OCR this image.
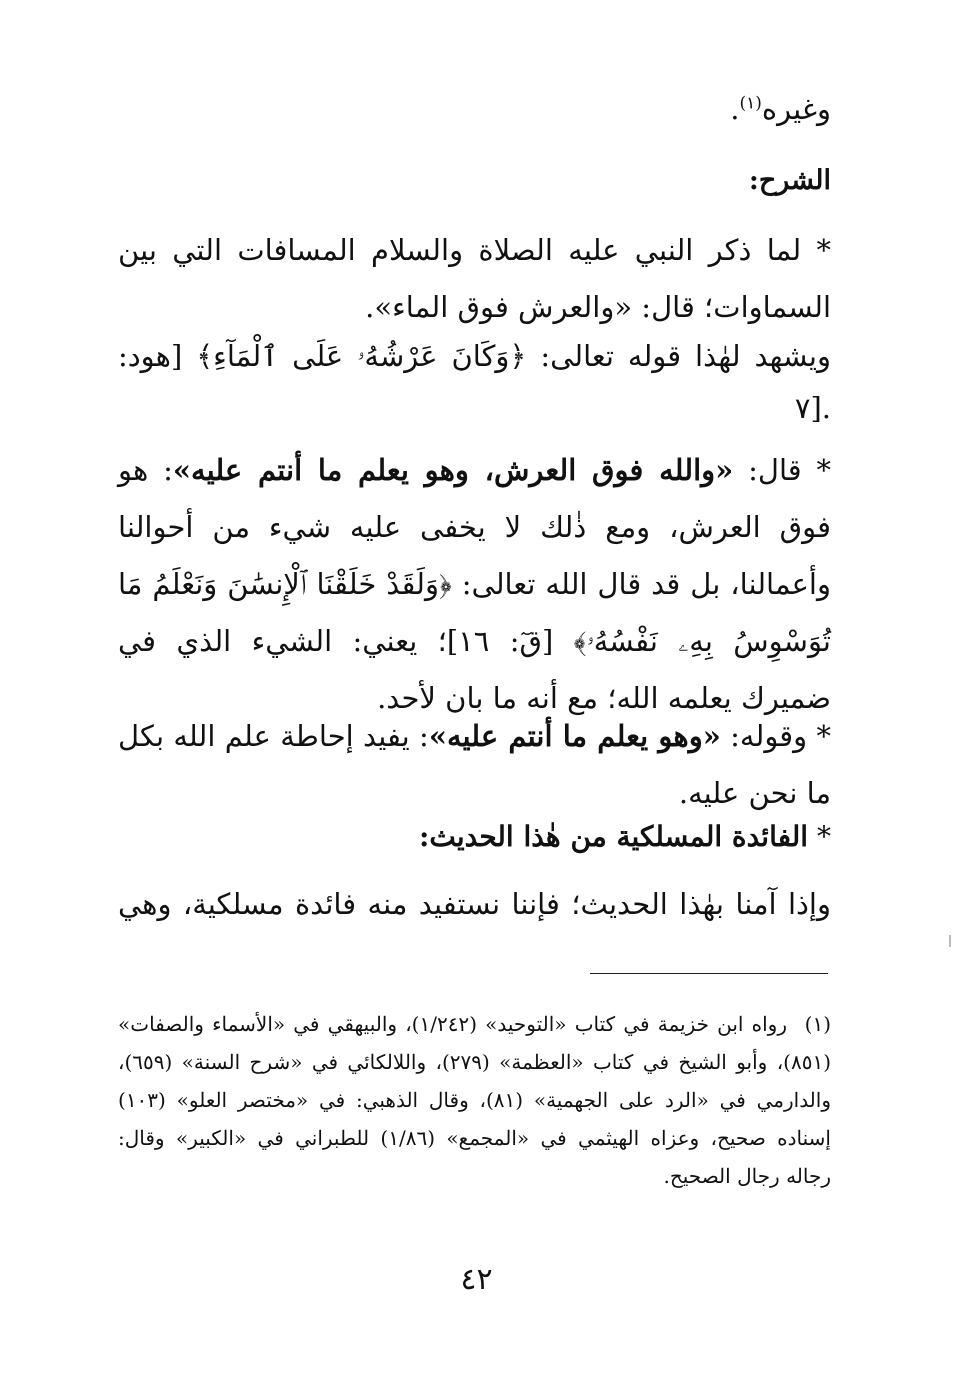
وغيره$^{(١)}$.
الشرح:
* لما ذكر النبي عليه الصلاة والسلام المسافات التي بين السماوات؛ قال: «والعرش فوق الماء».
ويشهد لهٰذا قوله تعالى: ﴿وَكَانَ عَرْشُهُۥ عَلَى ٱلْمَآءِ﴾ [هود:
٧].
* قال: «والله فوق العرش، وهو يعلم ما أنتم عليه»: هو فوق العرش، ومع ذٰلك لا يخفى عليه شيء من أحوالنا وأعمالنا، بل قد قال الله تعالى: ﴿وَلَقَدْ خَلَقْنَا ٱلْإِنسَٰنَ وَنَعْلَمُ مَا تُوَسْوِسُ بِهِۦ نَفْسُهُۥ﴾ [قٓ: ١٦]؛ يعني: الشيء الذي في ضميرك يعلمه الله؛ مع أنه ما بان لأحد.
* وقوله: «وهو يعلم ما أنتم عليه»: يفيد إحاطة علم الله بكل ما نحن عليه.
* الفائدة المسلكية من هٰذا الحديث:
وإذا آمنا بهٰذا الحديث؛ فإننا نستفيد منه فائدة مسلكية، وهي
(١)رواه ابن خزيمة في كتاب «التوحيد» (١/٢٤٢)، والبيهقي في «الأسماء والصفات» (٨٥١)، وأبو الشيخ في كتاب «العظمة» (٢٧٩)، واللالكائي في «شرح السنة» (٦٥٩)، والدارمي في «الرد على الجهمية» (٨١)، وقال الذهبي: في «مختصر العلو» (١٠٣) إسناده صحيح، وعزاه الهيثمي في «المجمع» (١/٨٦) للطبراني في «الكبير» وقال: رجاله رجال الصحيح.
٤٢
